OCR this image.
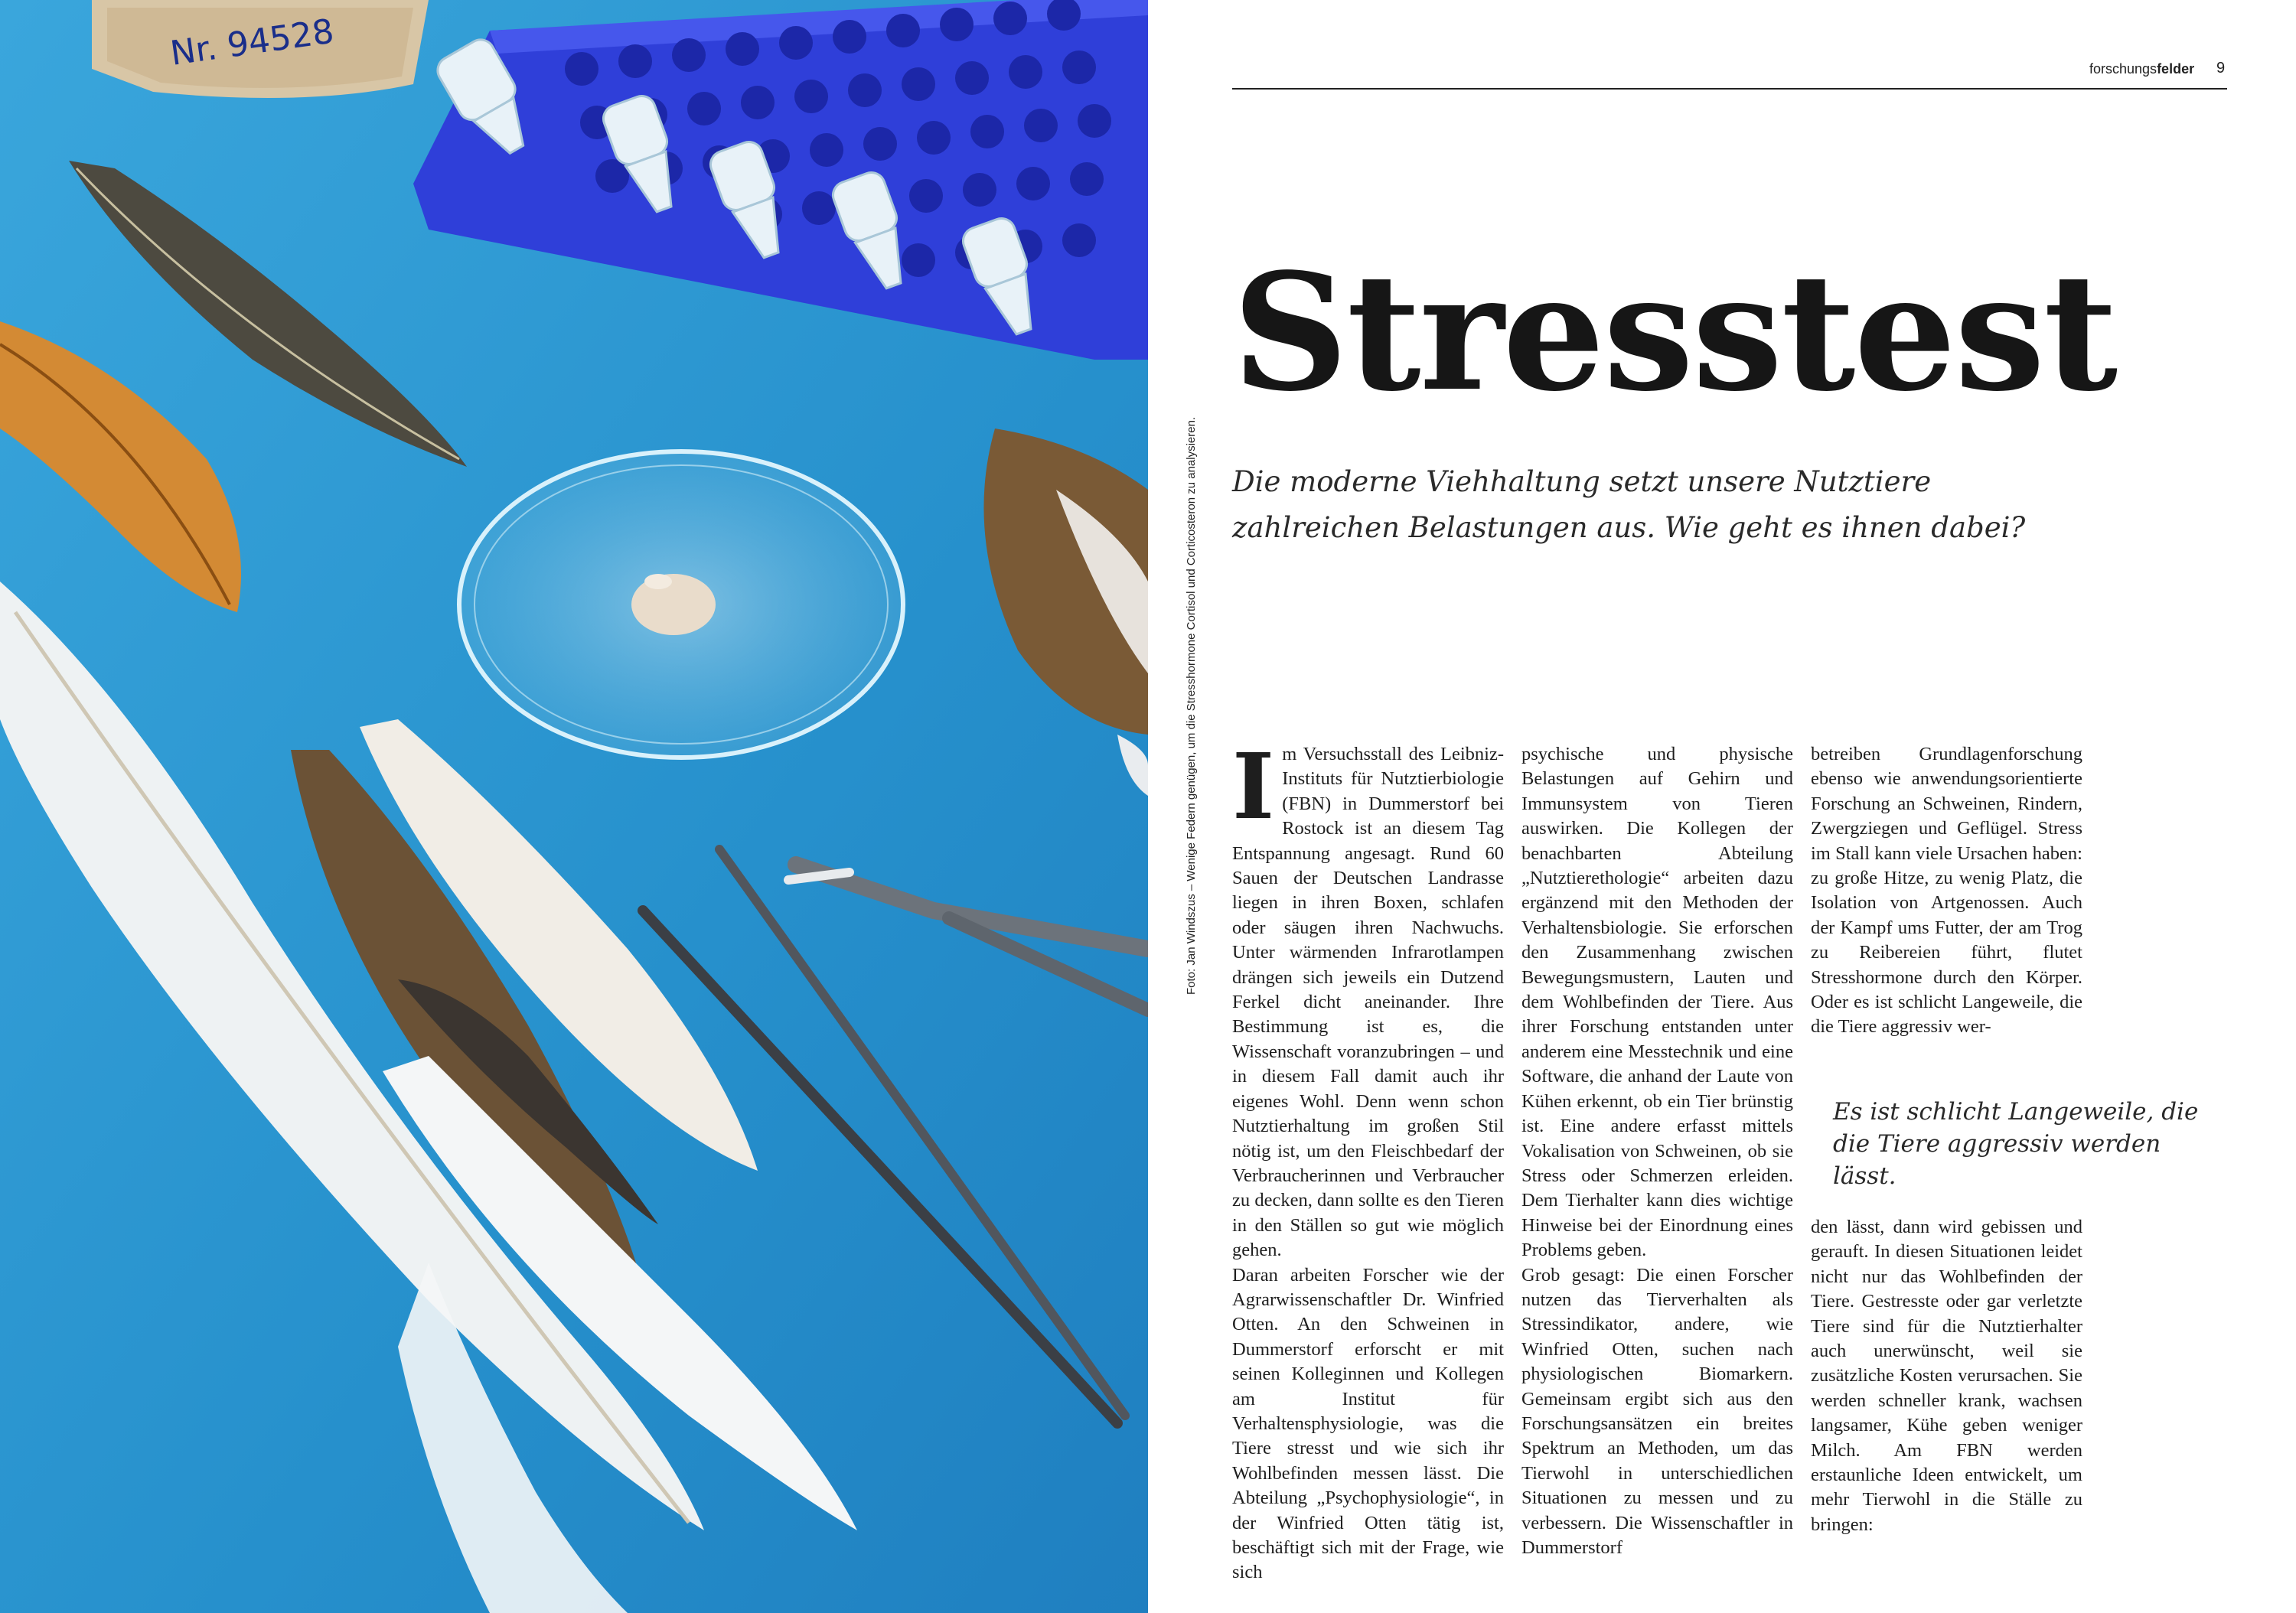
Nr. 94528
Foto: Jan Windszus – Wenige Federn genügen, um die Stresshormone Cortisol und Corticosteron zu analysieren.
forschungsfelder 9
Stresstest
Die moderne Viehhaltung setzt unsere Nutztiere zahlreichen Belastungen aus. Wie geht es ihnen dabei?

Im Versuchsstall des Leibniz-Instituts für Nutztierbiologie (FBN) in Dummerstorf bei Rostock ist an diesem Tag Entspannung angesagt. Rund 60 Sauen der Deutschen Landrasse liegen in ihren Boxen, schlafen oder säugen ihren Nachwuchs. Unter wärmenden Infrarotlampen drängen sich jeweils ein Dutzend Ferkel dicht aneinander. Ihre Bestimmung ist es, die Wissenschaft voranzubringen – und in diesem Fall damit auch ihr eigenes Wohl. Denn wenn schon Nutztierhaltung im großen Stil nötig ist, um den Fleischbedarf der Verbraucherinnen und Verbraucher zu decken, dann sollte es den Tieren in den Ställen so gut wie möglich gehen.

Daran arbeiten Forscher wie der Agrarwissenschaftler Dr. Winfried Otten. An den Schweinen in Dummerstorf erforscht er mit seinen Kolleginnen und Kollegen am Institut für Verhaltensphysiologie, was die Tiere stresst und wie sich ihr Wohlbefinden messen lässt. Die Abteilung „Psychophysiologie“, in der Winfried Otten tätig ist, beschäftigt sich mit der Frage, wie sich

psychische und physische Belastungen auf Gehirn und Immunsystem von Tieren auswirken. Die Kollegen der benachbarten Abteilung „Nutztierethologie“ arbeiten dazu ergänzend mit den Methoden der Verhaltensbiologie. Sie erforschen den Zusammenhang zwischen Bewegungsmustern, Lauten und dem Wohlbefinden der Tiere. Aus ihrer Forschung entstanden unter anderem eine Messtechnik und eine Software, die anhand der Laute von Kühen erkennt, ob ein Tier brünstig ist. Eine andere erfasst mittels Vokalisation von Schweinen, ob sie Stress oder Schmerzen erleiden. Dem Tierhalter kann dies wichtige Hinweise bei der Einordnung eines Problems geben.

Grob gesagt: Die einen Forscher nutzen das Tierverhalten als Stressindikator, andere, wie Winfried Otten, suchen nach physiologischen Biomarkern. Gemeinsam ergibt sich aus den Forschungsansätzen ein breites Spektrum an Methoden, um das Tierwohl in unterschiedlichen Situationen zu messen und zu verbessern. Die Wissenschaftler in Dummerstorf

betreiben Grundlagenforschung ebenso wie anwendungsorientierte Forschung an Schweinen, Rindern, Zwergziegen und Geflügel. Stress im Stall kann viele Ursachen haben: zu große Hitze, zu wenig Platz, die Isolation von Artgenossen. Auch der Kampf ums Futter, der am Trog zu Reibereien führt, flutet Stresshormone durch den Körper. Oder es ist schlicht Langeweile, die die Tiere aggressiv wer-

Es ist schlicht Langeweile, die die Tiere aggressiv werden lässt.

den lässt, dann wird gebissen und gerauft. In diesen Situationen leidet nicht nur das Wohlbefinden der Tiere. Gestresste oder gar verletzte Tiere sind für die Nutztierhalter auch unerwünscht, weil sie zusätzliche Kosten verursachen. Sie werden schneller krank, wachsen langsamer, Kühe geben weniger Milch. Am FBN werden erstaunliche Ideen entwickelt, um mehr Tierwohl in die Ställe zu bringen:
